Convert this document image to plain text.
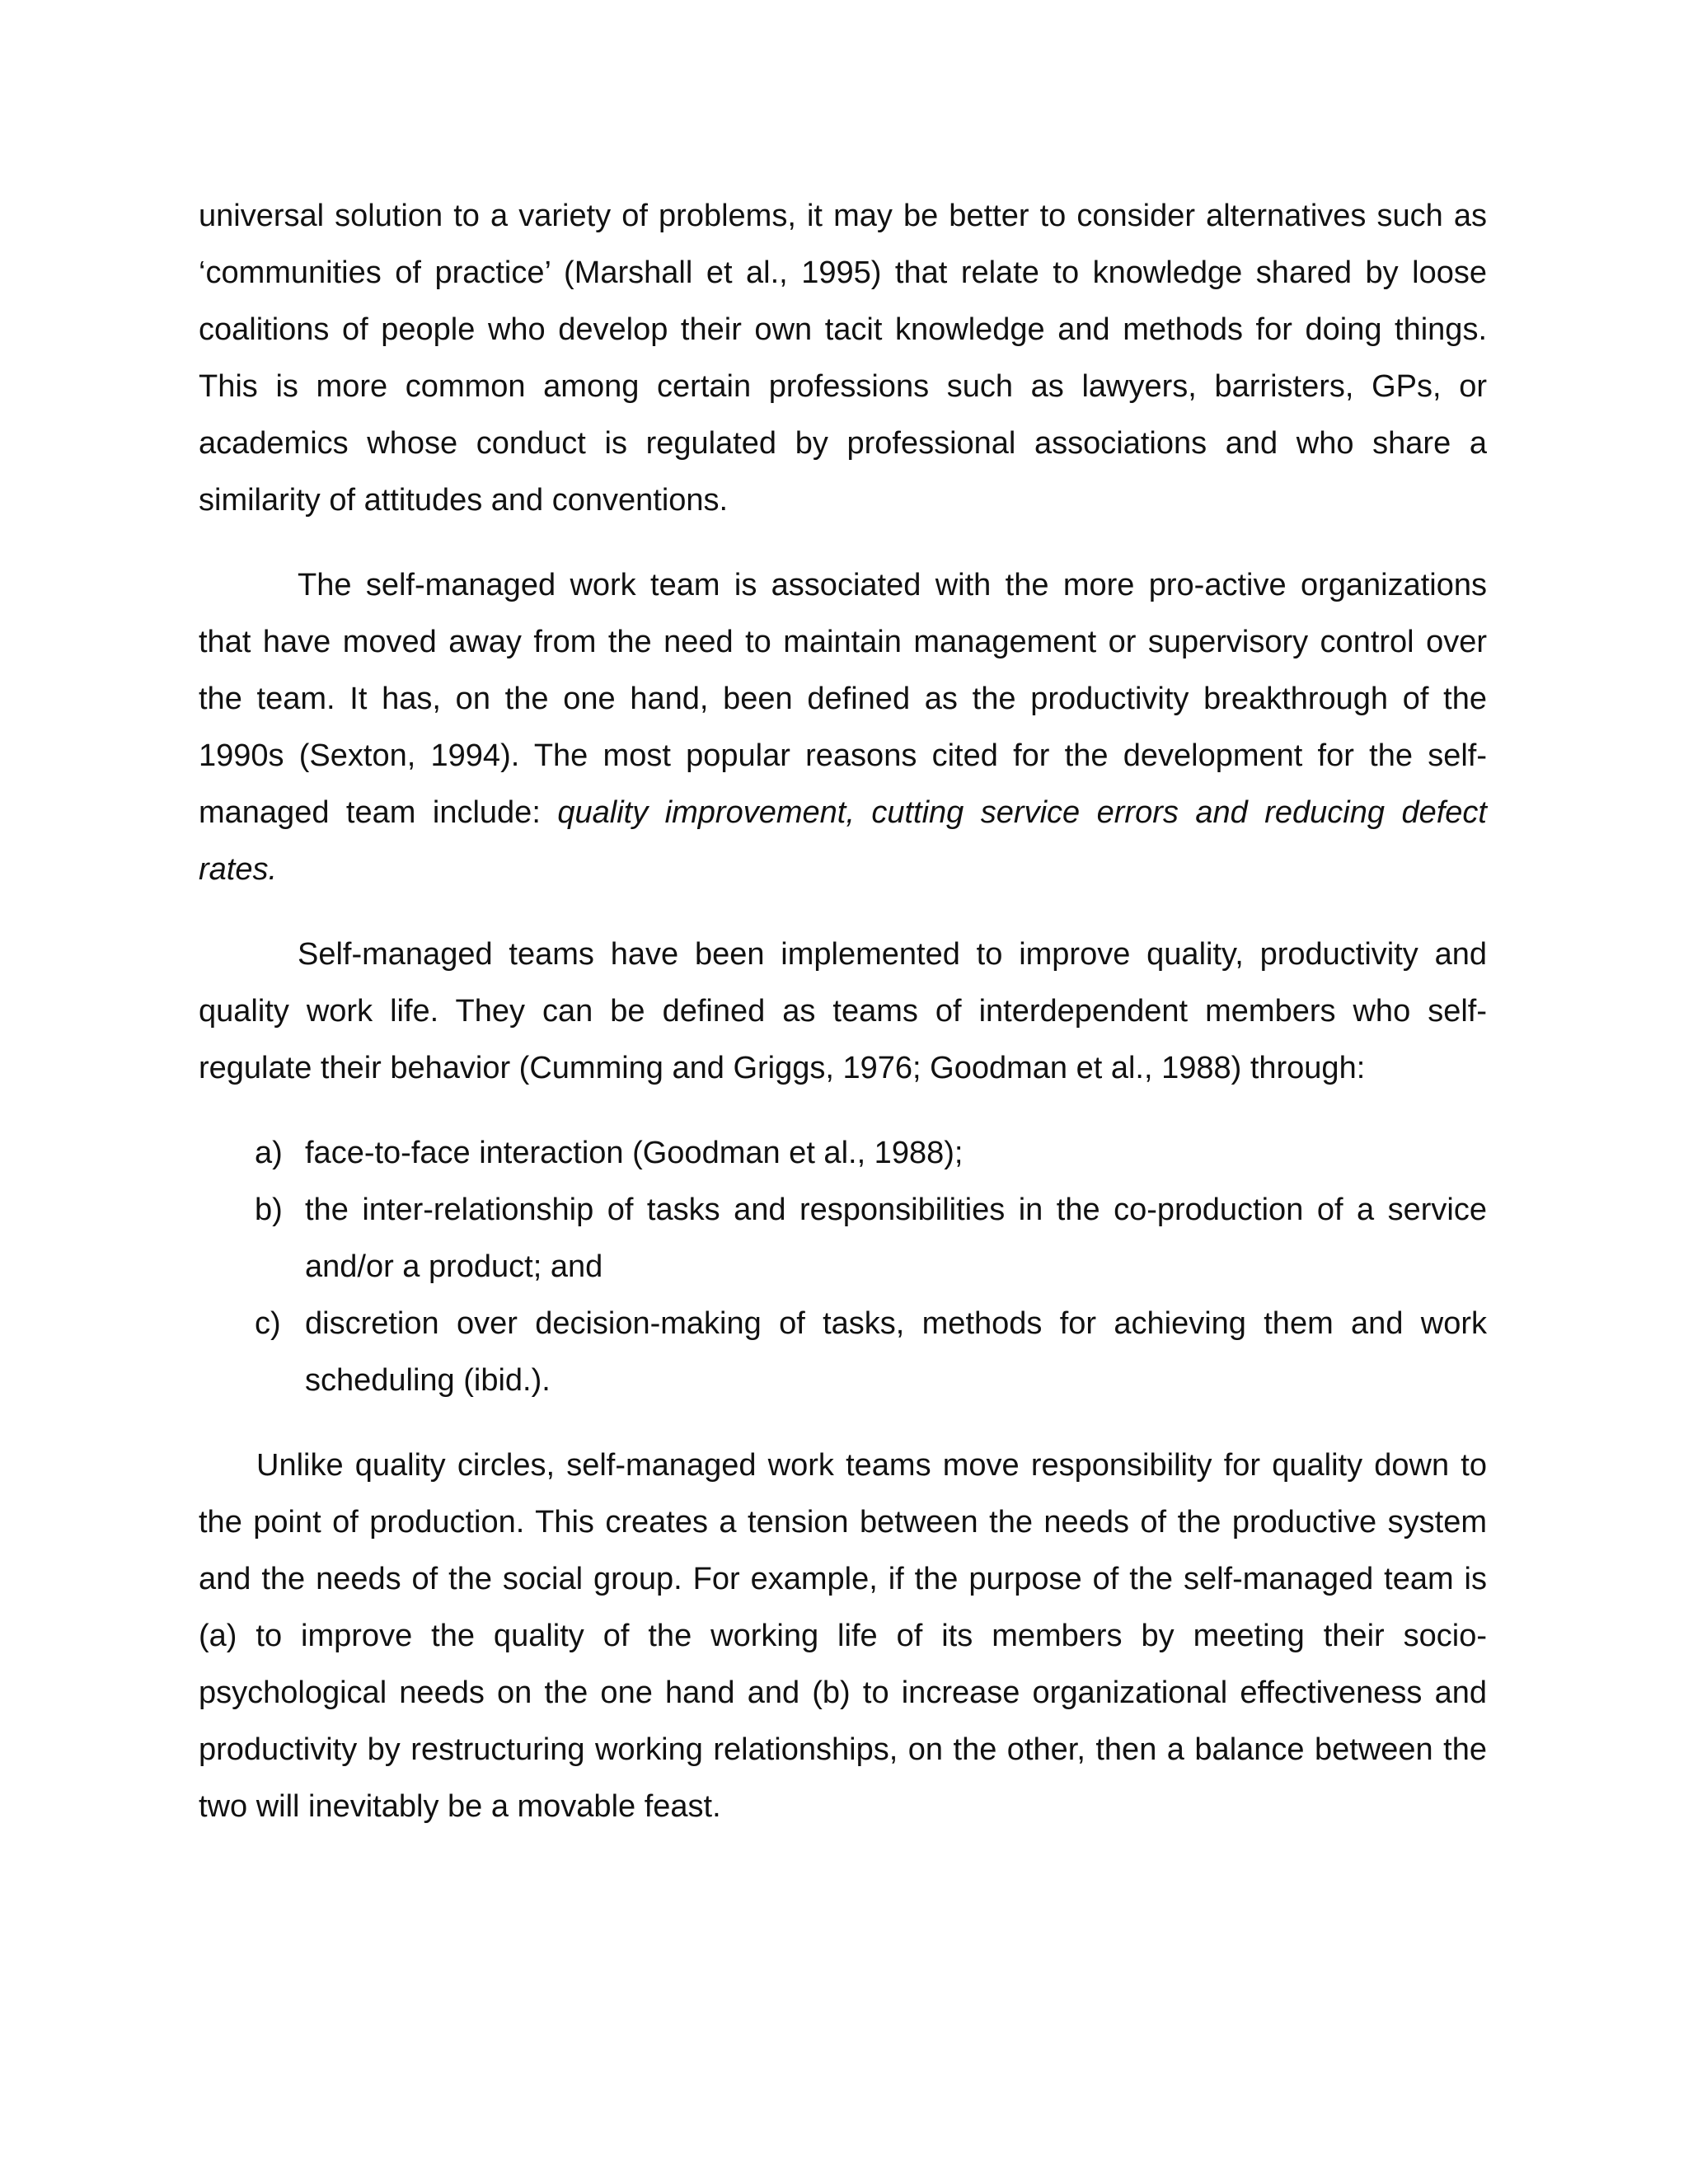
universal solution to a variety of problems, it may be better to consider alternatives such as ‘communities of practice’ (Marshall et al., 1995) that relate to knowledge shared by loose coalitions of people who develop their own tacit knowledge and methods for doing things. This is more common among certain professions such as lawyers, barristers, GPs, or academics whose conduct is regulated by professional associations and who share a similarity of attitudes and conventions.

The self-managed work team is associated with the more pro-active organizations that have moved away from the need to maintain management or supervisory control over the team. It has, on the one hand, been defined as the productivity breakthrough of the 1990s (Sexton, 1994). The most popular reasons cited for the development for the self-managed team include: quality improvement, cutting service errors and reducing defect rates.

Self-managed teams have been implemented to improve quality, productivity and quality work life. They can be defined as teams of interdependent members who self-regulate their behavior (Cumming and Griggs, 1976; Goodman et al., 1988) through:

a) face-to-face interaction (Goodman et al., 1988);
b) the inter-relationship of tasks and responsibilities in the co-production of a service and/or a product; and
c) discretion over decision-making of tasks, methods for achieving them and work scheduling (ibid.).

Unlike quality circles, self-managed work teams move responsibility for quality down to the point of production. This creates a tension between the needs of the productive system and the needs of the social group. For example, if the purpose of the self-managed team is (a) to improve the quality of the working life of its members by meeting their socio-psychological needs on the one hand and (b) to increase organizational effectiveness and productivity by restructuring working relationships, on the other, then a balance between the two will inevitably be a movable feast.
